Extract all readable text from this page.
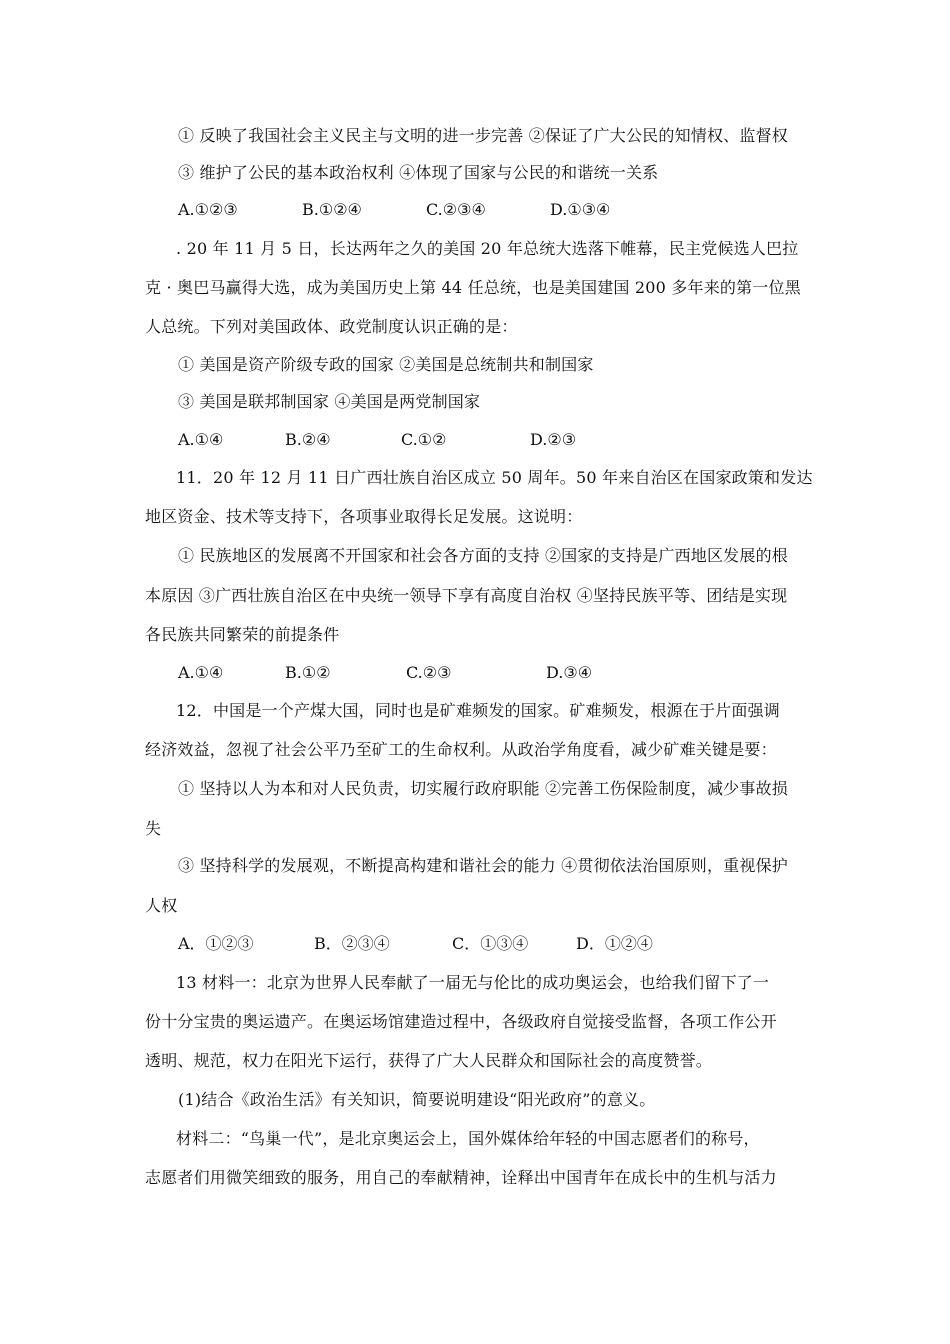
① 反映了我国社会主义民主与文明的进一步完善 ②保证了广大公民的知情权、监督权
③ 维护了公民的基本政治权利 ④体现了国家与公民的和谐统一关系
A.①②③	B.①②④	C.②③④	D.①③④
. 20 年 11 月 5 日，长达两年之久的美国 20 年总统大选落下帷幕，民主党候选人巴拉
克 · 奥巴马赢得大选，成为美国历史上第 44 任总统，也是美国建国 200 多年来的第一位黑
人总统。下列对美国政体、政党制度认识正确的是：
① 美国是资产阶级专政的国家 ②美国是总统制共和制国家
③ 美国是联邦制国家 ④美国是两党制国家
A.①④	B.②④	C.①②	D.②③
11．20 年 12 月 11 日广西壮族自治区成立 50 周年。50 年来自治区在国家政策和发达
地区资金、技术等支持下，各项事业取得长足发展。这说明：
① 民族地区的发展离不开国家和社会各方面的支持 ②国家的支持是广西地区发展的根
本原因 ③广西壮族自治区在中央统一领导下享有高度自治权 ④坚持民族平等、团结是实现
各民族共同繁荣的前提条件
A.①④	B.①②	C.②③	D.③④
12．中国是一个产煤大国，同时也是矿难频发的国家。矿难频发，根源在于片面强调
经济效益，忽视了社会公平乃至矿工的生命权利。从政治学角度看，减少矿难关键是要：
① 坚持以人为本和对人民负责，切实履行政府职能 ②完善工伤保险制度，减少事故损
失
③ 坚持科学的发展观，不断提高构建和谐社会的能力 ④贯彻依法治国原则，重视保护
人权
A．①②③	B．②③④	C．①③④	D．①②④
13 材料一：北京为世界人民奉献了一届无与伦比的成功奥运会，也给我们留下了一
份十分宝贵的奥运遗产。在奥运场馆建造过程中，各级政府自觉接受监督，各项工作公开
透明、规范，权力在阳光下运行，获得了广大人民群众和国际社会的高度赞誉。
(1)结合《政治生活》有关知识，简要说明建设“阳光政府”的意义。
材料二：“鸟巢一代”，是北京奥运会上，国外媒体给年轻的中国志愿者们的称号，
志愿者们用微笑细致的服务，用自己的奉献精神，诠释出中国青年在成长中的生机与活力
